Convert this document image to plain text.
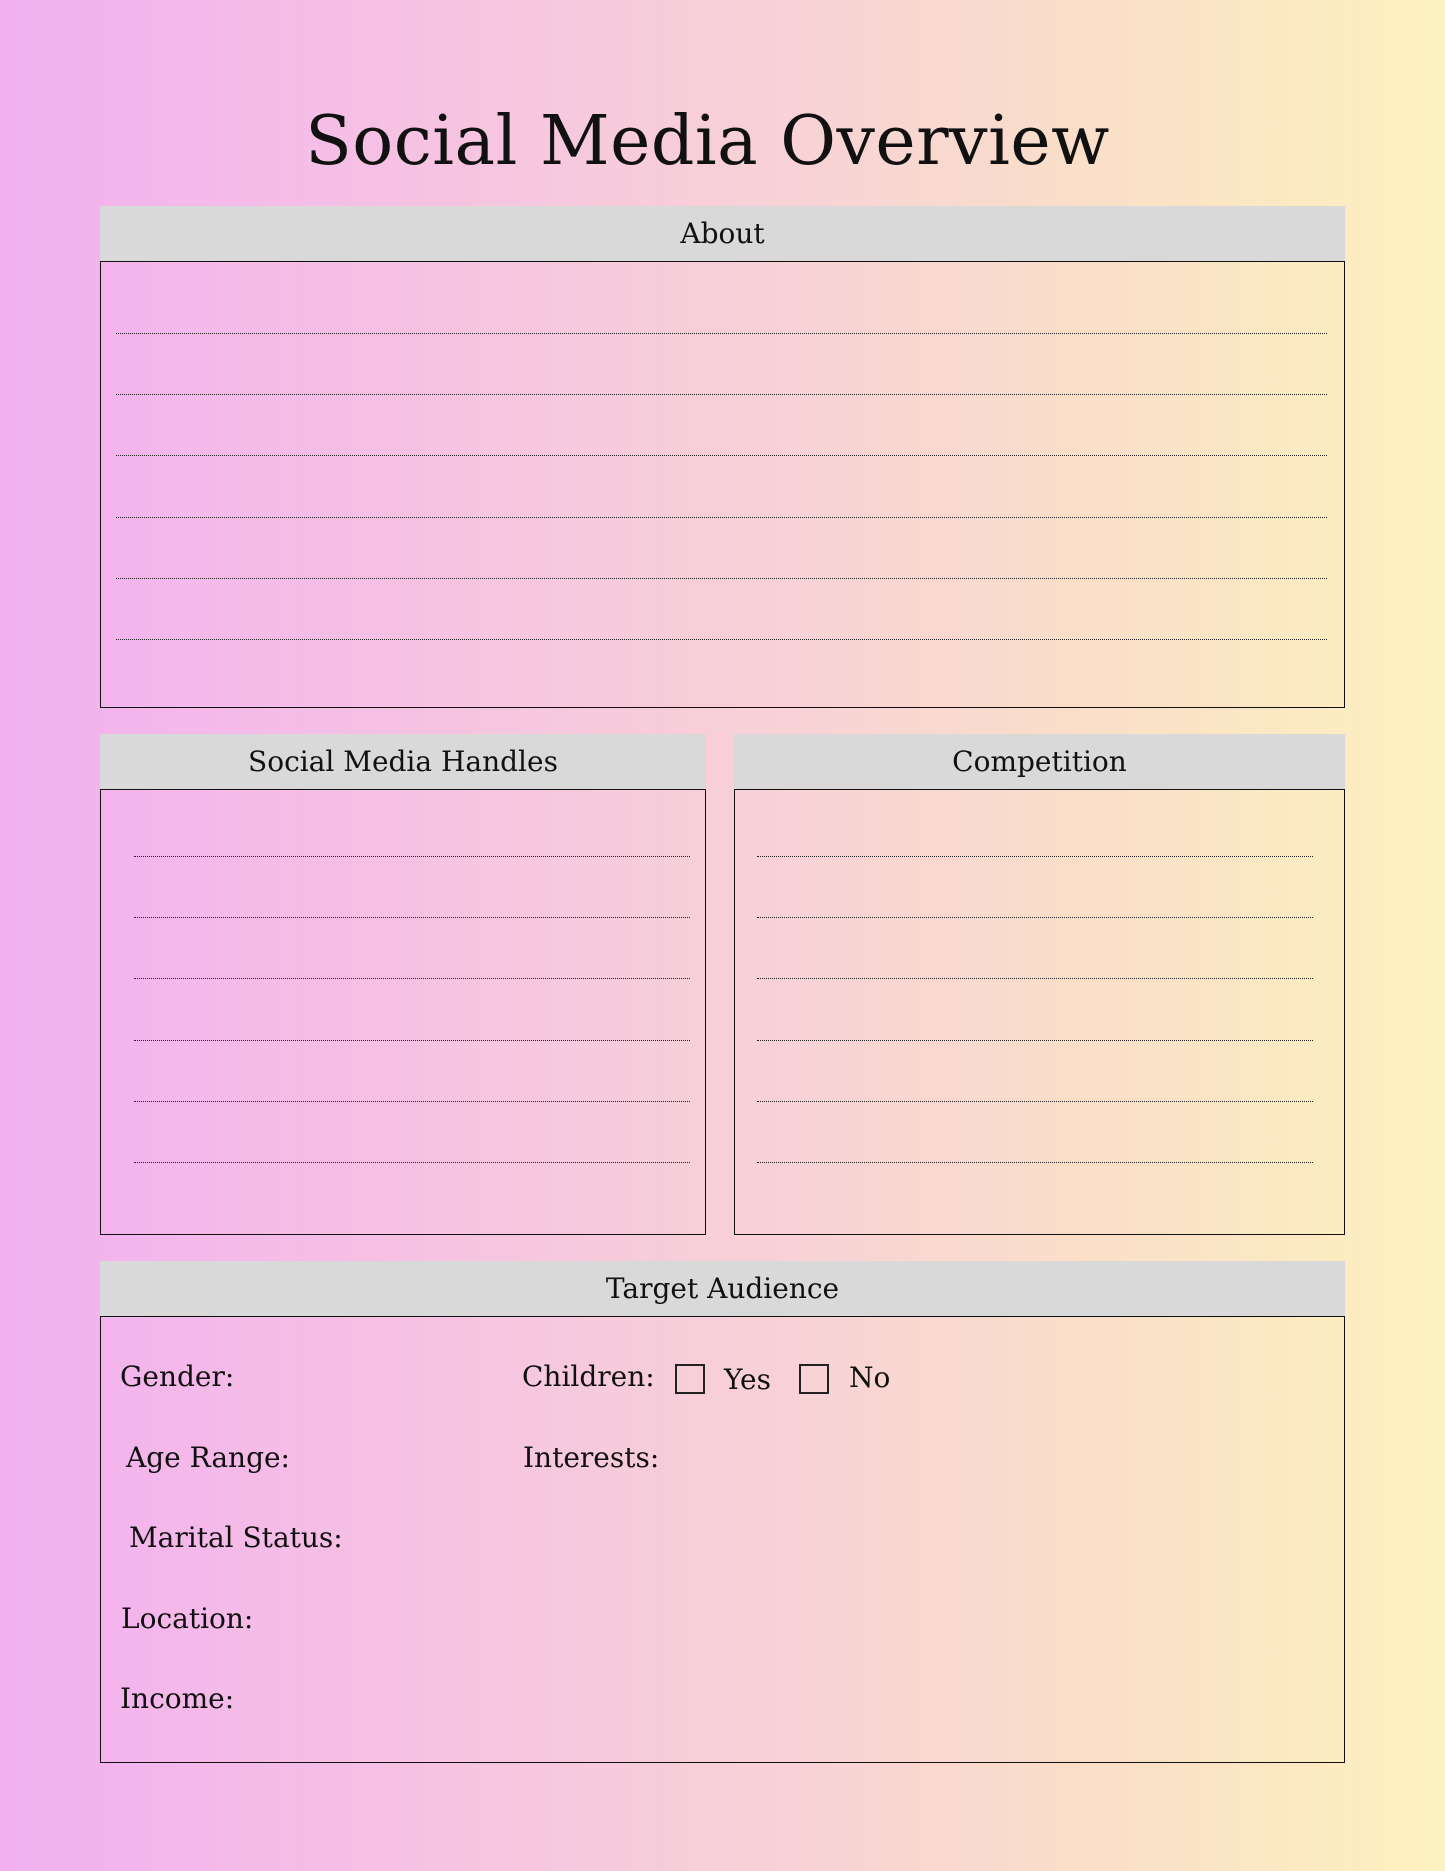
Social Media Overview
About
Social Media Handles	Competition
Target Audience
Gender:
Age Range:
Marital Status:
Location:
Income:
Children: Yes	No
Interests:
